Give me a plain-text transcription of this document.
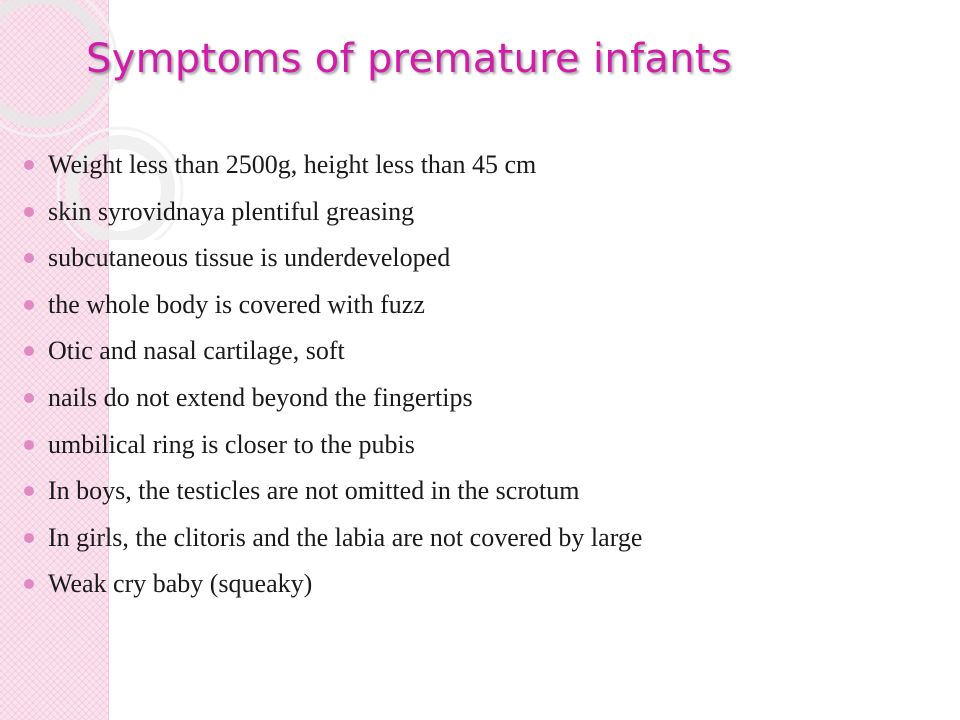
Symptoms of premature infants
Weight less than 2500g, height less than 45 cm
skin syrovidnaya plentiful greasing
subcutaneous tissue is underdeveloped
the whole body is covered with fuzz
Otic and nasal cartilage, soft
nails do not extend beyond the fingertips
umbilical ring is closer to the pubis
In boys, the testicles are not omitted in the scrotum
In girls, the clitoris and the labia are not covered by large
Weak cry baby (squeaky)
